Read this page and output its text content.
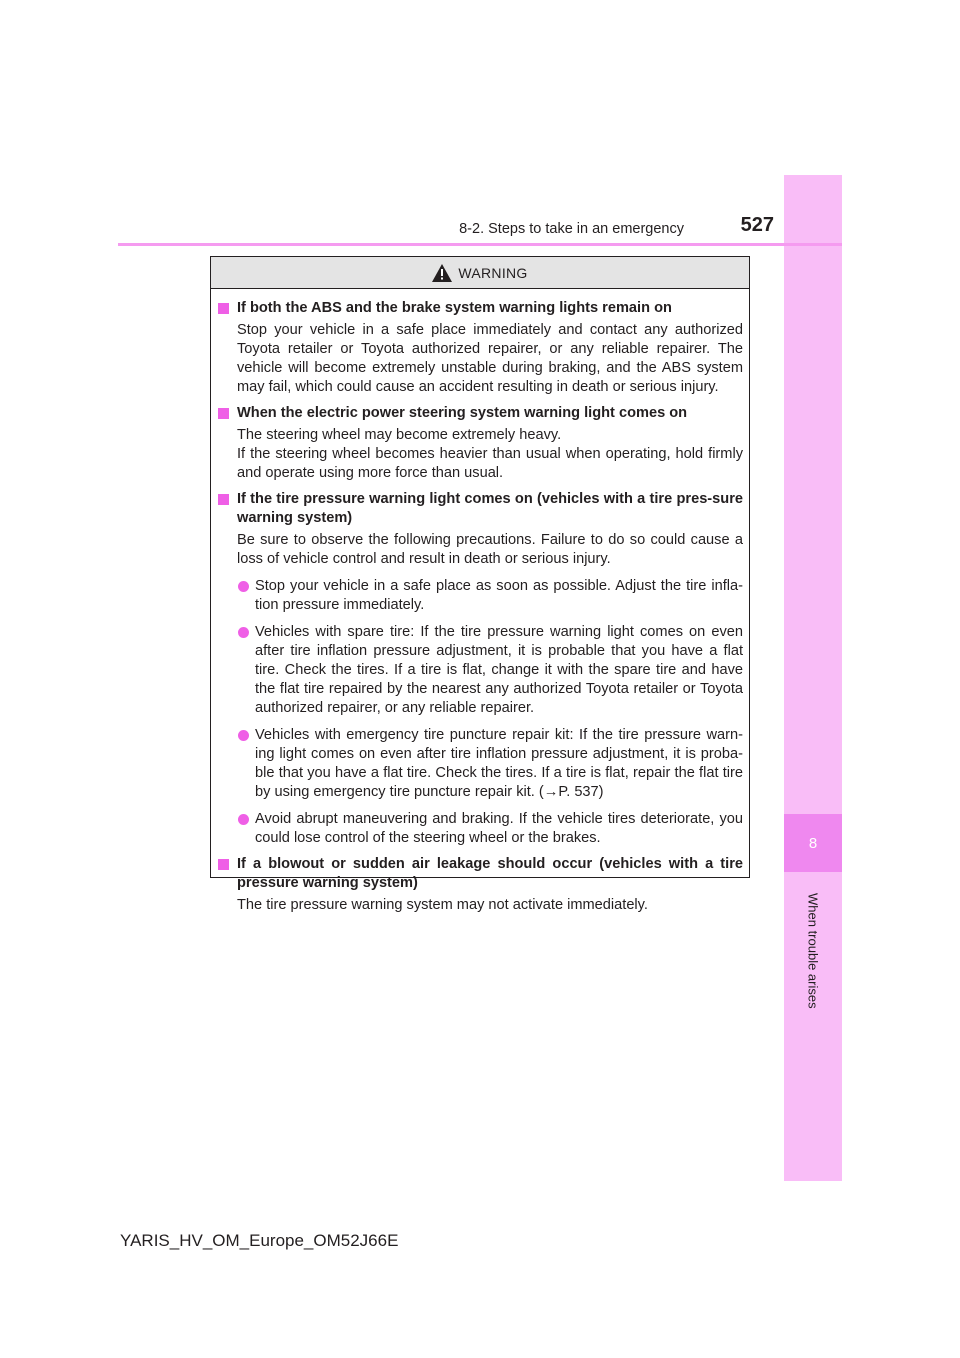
8
When trouble arises
8-2. Steps to take in an emergency	527
WARNING
If both the ABS and the brake system warning lights remain on
Stop your vehicle in a safe place immediately and contact any authorized Toyota retailer or Toyota authorized repairer, or any reliable repairer. The vehicle will become extremely unstable during braking, and the ABS system may fail, which could cause an accident resulting in death or serious injury.
When the electric power steering system warning light comes on
The steering wheel may become extremely heavy.
If the steering wheel becomes heavier than usual when operating, hold firmly and operate using more force than usual.
If the tire pressure warning light comes on (vehicles with a tire pres-sure warning system)
Be sure to observe the following precautions. Failure to do so could cause a loss of vehicle control and result in death or serious injury.
Stop your vehicle in a safe place as soon as possible. Adjust the tire infla-tion pressure immediately.
Vehicles with spare tire: If the tire pressure warning light comes on even after tire inflation pressure adjustment, it is probable that you have a flat tire. Check the tires. If a tire is flat, change it with the spare tire and have the flat tire repaired by the nearest any authorized Toyota retailer or Toyota authorized repairer, or any reliable repairer.
Vehicles with emergency tire puncture repair kit: If the tire pressure warn-ing light comes on even after tire inflation pressure adjustment, it is proba-ble that you have a flat tire. Check the tires. If a tire is flat, repair the flat tire by using emergency tire puncture repair kit. (→P. 537)
Avoid abrupt maneuvering and braking. If the vehicle tires deteriorate, you could lose control of the steering wheel or the brakes.
If a blowout or sudden air leakage should occur (vehicles with a tire pressure warning system)
The tire pressure warning system may not activate immediately.
YARIS_HV_OM_Europe_OM52J66E
